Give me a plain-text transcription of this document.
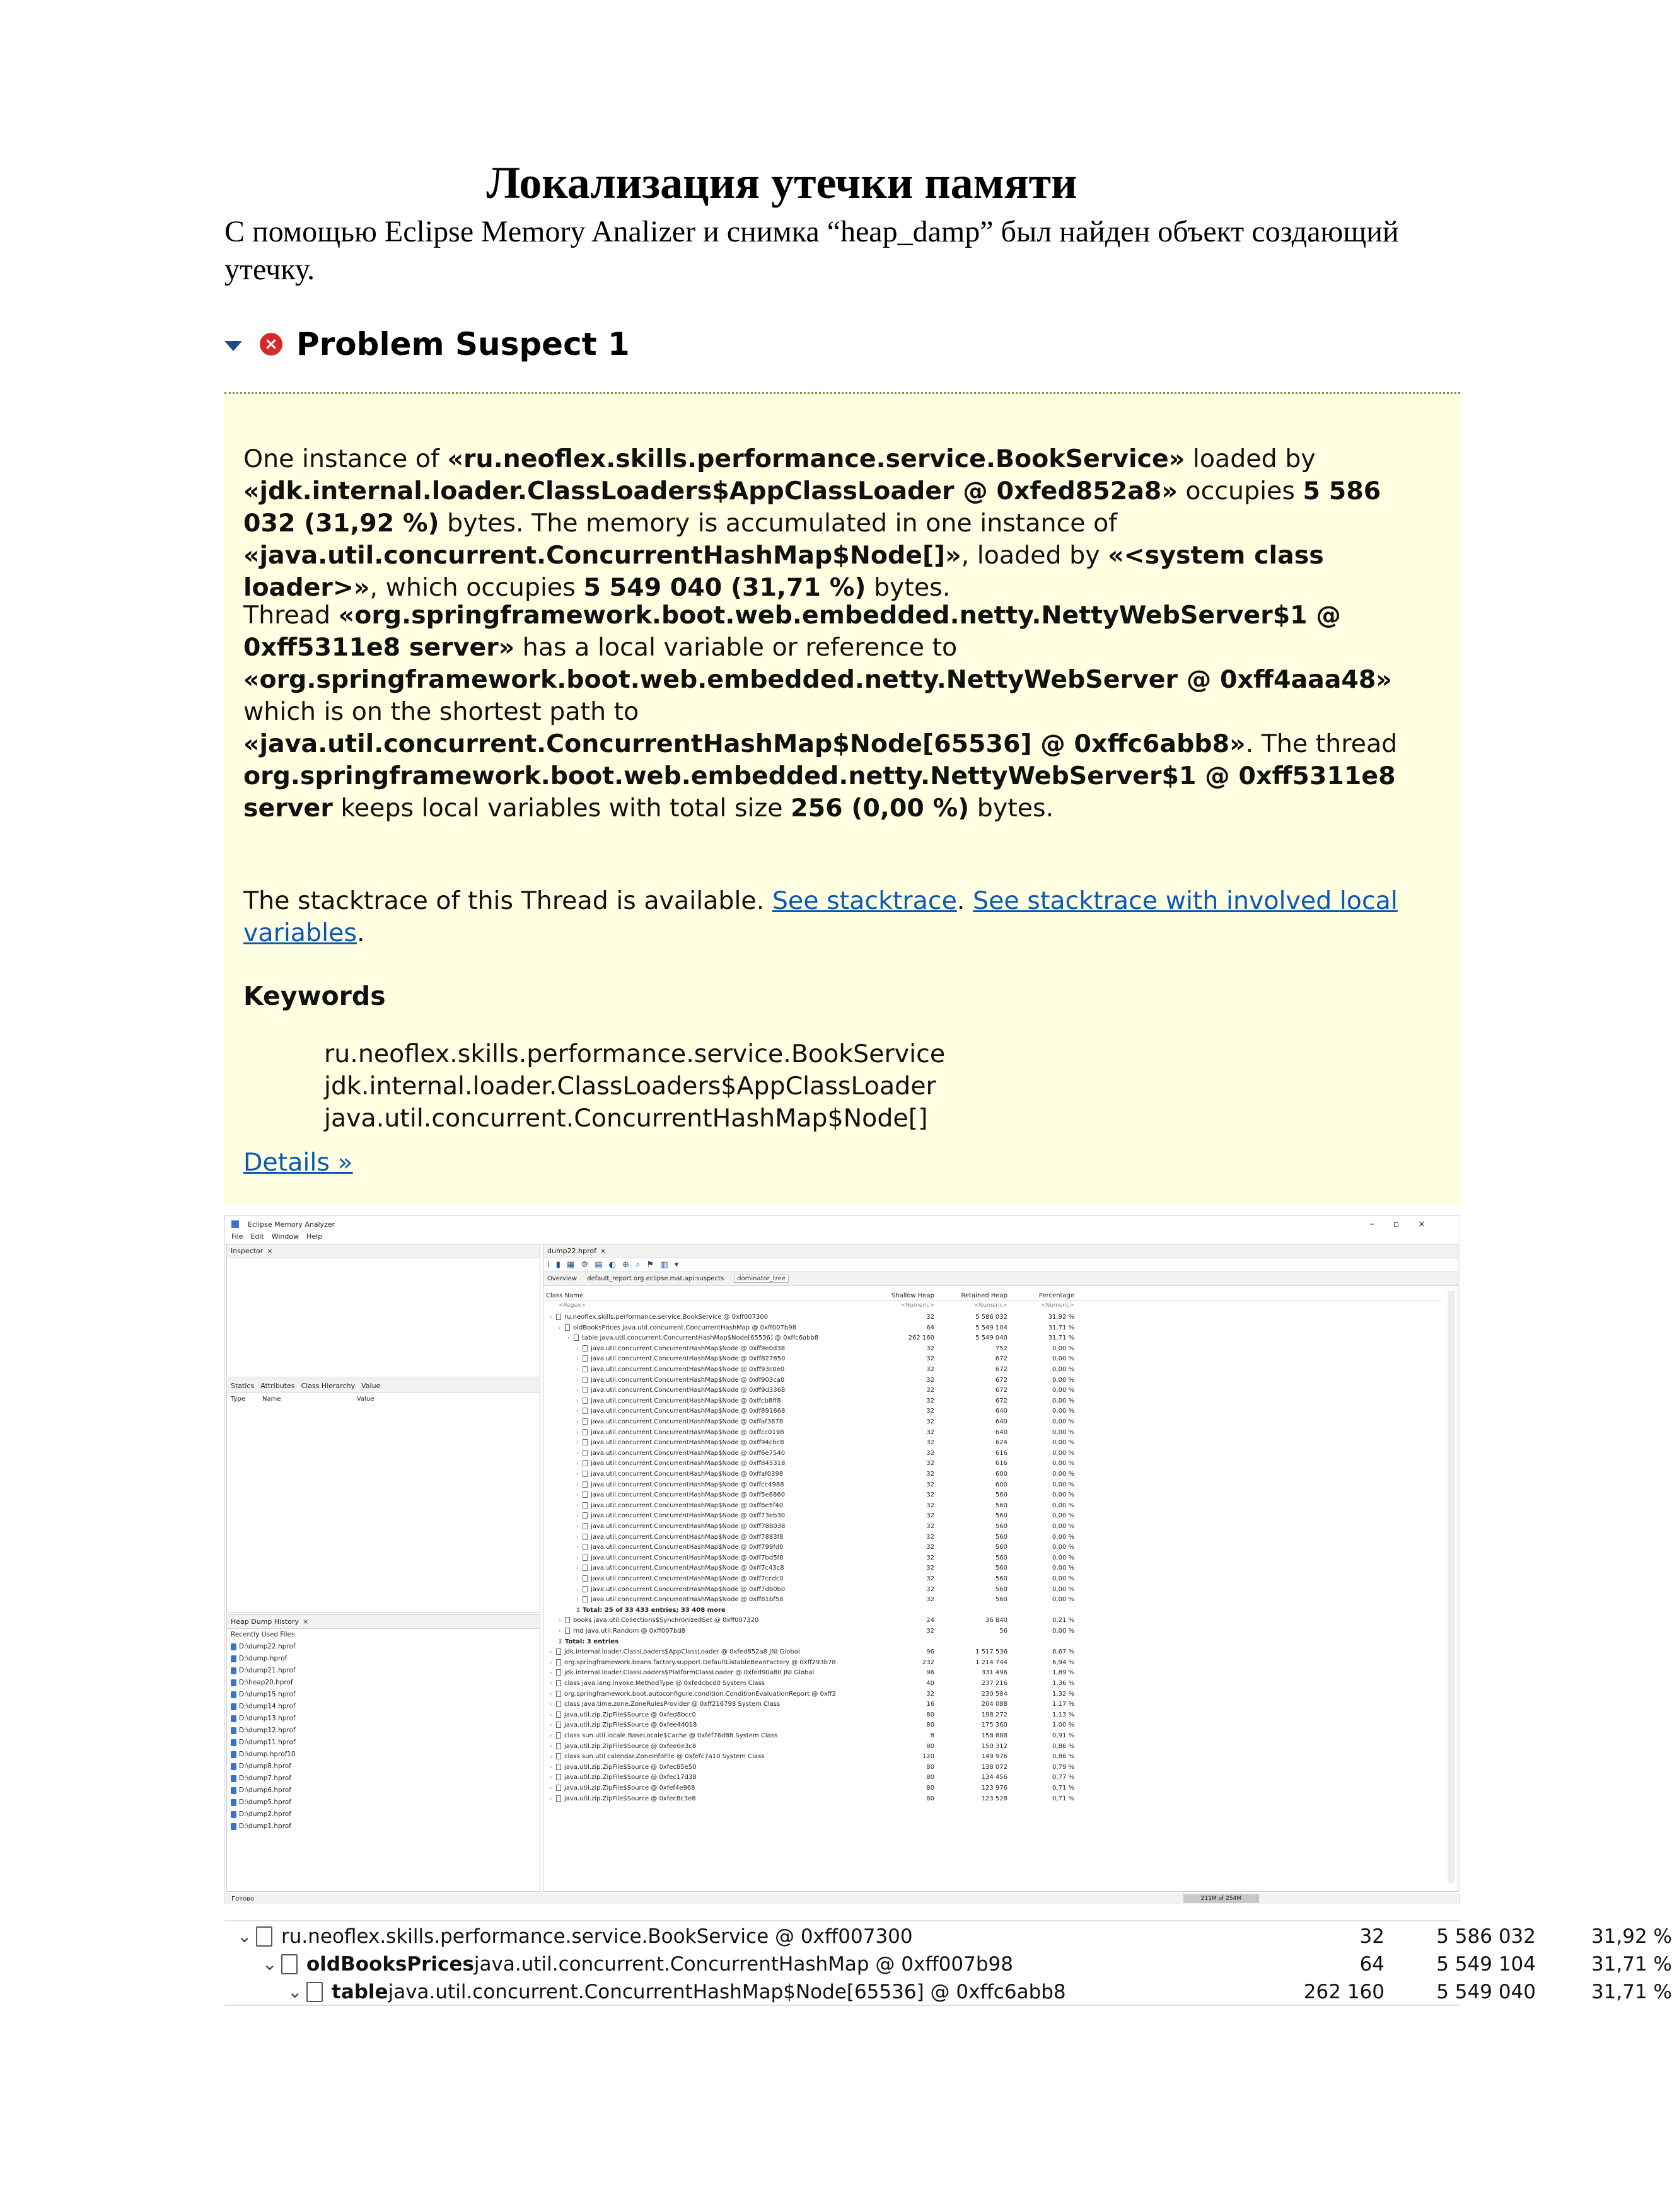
Локализация утечки памяти
С помощью Eclipse Memory Analizer и снимка “heap_damp” был найден объект создающий утечку.
× Problem Suspect 1
One instance of «ru.neoflex.skills.performance.service.BookService» loaded by «jdk.internal.loader.ClassLoaders$AppClassLoader @ 0xfed852a8» occupies 5 586 032 (31,92 %) bytes. The memory is accumulated in one instance of «java.util.concurrent.ConcurrentHashMap$Node[]», loaded by «<system class loader>», which occupies 5 549 040 (31,71 %) bytes.
Thread «org.springframework.boot.web.embedded.netty.NettyWebServer$1 @ 0xff5311e8 server» has a local variable or reference to «org.springframework.boot.web.embedded.netty.NettyWebServer @ 0xff4aaa48» which is on the shortest path to «java.util.concurrent.ConcurrentHashMap$Node[65536] @ 0xffc6abb8». The thread org.springframework.boot.web.embedded.netty.NettyWebServer$1 @ 0xff5311e8 server keeps local variables with total size 256 (0,00 %) bytes.
The stacktrace of this Thread is available. See stacktrace. See stacktrace with involved local variables.
Keywords
ru.neoflex.skills.performance.service.BookService
jdk.internal.loader.ClassLoaders$AppClassLoader
java.util.concurrent.ConcurrentHashMap$Node[]
Details »
Eclipse Memory Analyzer	–▫×
File Edit Window Help
Inspector ×
Statics Attributes Class Hierarchy Value
Type	Name	Value
Heap Dump History ×
Recently Used Files
D:\dump22.hprof
D:\dump.hprof
D:\dump21.hprof
D:\heap20.hprof
D:\dump15.hprof
D:\dump14.hprof
D:\dump13.hprof
D:\dump12.hprof
D:\dump11.hprof
D:\dump.hprof10
D:\dump8.hprof
D:\dump7.hprof
D:\dump6.hprof
D:\dump5.hprof
D:\dump2.hprof
D:\dump1.hprof
dump22.hprof ×
ⅰ ▮ ▦ ⚙ ▤ ◐ ⊕ ⌕ ⚑ ▥ ▾
Overview default_report org.eclipse.mat.api:suspects	dominator_tree
Class Name	Shallow Heap	Retained Heap	Percentage
<Regex>	<Numeric>	<Numeric>	<Numeric>
› ru.neoflex.skills.performance.service.BookService @ 0xff007300	32	5 586 032	31,92 %
› oldBooksPrices java.util.concurrent.ConcurrentHashMap @ 0xff007b98	64	5 549 104	31,71 %
› table java.util.concurrent.ConcurrentHashMap$Node[65536] @ 0xffc6abb8	262 160	5 549 040	31,71 %
› java.util.concurrent.ConcurrentHashMap$Node @ 0xff9e0d38	32	752	0,00 %
› java.util.concurrent.ConcurrentHashMap$Node @ 0xff827850	32	672	0,00 %
› java.util.concurrent.ConcurrentHashMap$Node @ 0xff93c0e0	32	672	0,00 %
› java.util.concurrent.ConcurrentHashMap$Node @ 0xff903ca0	32	672	0,00 %
› java.util.concurrent.ConcurrentHashMap$Node @ 0xff9d3368	32	672	0,00 %
› java.util.concurrent.ConcurrentHashMap$Node @ 0xffcb8ff8	32	672	0,00 %
› java.util.concurrent.ConcurrentHashMap$Node @ 0xff891668	32	640	0,00 %
› java.util.concurrent.ConcurrentHashMap$Node @ 0xffaf3878	32	640	0,00 %
› java.util.concurrent.ConcurrentHashMap$Node @ 0xffcc0198	32	640	0,00 %
› java.util.concurrent.ConcurrentHashMap$Node @ 0xff94cbc8	32	624	0,00 %
› java.util.concurrent.ConcurrentHashMap$Node @ 0xff6e7540	32	616	0,00 %
› java.util.concurrent.ConcurrentHashMap$Node @ 0xff845318	32	616	0,00 %
› java.util.concurrent.ConcurrentHashMap$Node @ 0xffaf0398	32	600	0,00 %
› java.util.concurrent.ConcurrentHashMap$Node @ 0xffcc4988	32	600	0,00 %
› java.util.concurrent.ConcurrentHashMap$Node @ 0xff5e8860	32	560	0,00 %
› java.util.concurrent.ConcurrentHashMap$Node @ 0xff6e5f40	32	560	0,00 %
› java.util.concurrent.ConcurrentHashMap$Node @ 0xff73eb30	32	560	0,00 %
› java.util.concurrent.ConcurrentHashMap$Node @ 0xff788038	32	560	0,00 %
› java.util.concurrent.ConcurrentHashMap$Node @ 0xff7883f8	32	560	0,00 %
› java.util.concurrent.ConcurrentHashMap$Node @ 0xff799fd0	32	560	0,00 %
› java.util.concurrent.ConcurrentHashMap$Node @ 0xff7bd5f8	32	560	0,00 %
› java.util.concurrent.ConcurrentHashMap$Node @ 0xff7c43c8	32	560	0,00 %
› java.util.concurrent.ConcurrentHashMap$Node @ 0xff7ccdc0	32	560	0,00 %
› java.util.concurrent.ConcurrentHashMap$Node @ 0xff7db0b0	32	560	0,00 %
› java.util.concurrent.ConcurrentHashMap$Node @ 0xff81bf58	32	560	0,00 %
Σ Total: 25 of 33 433 entries; 33 408 more
› books java.util.Collections$SynchronizedSet @ 0xff007320	24	36 840	0,21 %
› rnd java.util.Random @ 0xff007bd8	32	56	0,00 %
Σ Total: 3 entries
› jdk.internal.loader.ClassLoaders$AppClassLoader @ 0xfed852a8 JNI Global	96	1 517 536	8,67 %
› org.springframework.beans.factory.support.DefaultListableBeanFactory @ 0xff293b78	232	1 214 744	6,94 %
› jdk.internal.loader.ClassLoaders$PlatformClassLoader @ 0xfed90a80 JNI Global	96	331 496	1,89 %
› class java.lang.invoke.MethodType @ 0xfedcbcd0 System Class	40	237 216	1,36 %
› org.springframework.boot.autoconfigure.condition.ConditionEvaluationReport @ 0xff2	32	230 584	1,32 %
› class java.time.zone.ZoneRulesProvider @ 0xff216798 System Class	16	204 088	1,17 %
› java.util.zip.ZipFile$Source @ 0xfed8bcc0	80	198 272	1,13 %
› java.util.zip.ZipFile$Source @ 0xfee44018	80	175 360	1,00 %
› class sun.util.locale.BaseLocale$Cache @ 0xfef76d88 System Class	8	158 888	0,91 %
› java.util.zip.ZipFile$Source @ 0xfee0e3c8	80	150 312	0,86 %
› class sun.util.calendar.ZoneInfoFile @ 0xfefc7a10 System Class	120	149 976	0,86 %
› java.util.zip.ZipFile$Source @ 0xfec85e50	80	138 072	0,79 %
› java.util.zip.ZipFile$Source @ 0xfec17d38	80	134 456	0,77 %
› java.util.zip.ZipFile$Source @ 0xfef4e968	80	123 976	0,71 %
› java.util.zip.ZipFile$Source @ 0xfec8c3e8	80	123 528	0,71 %
Готово	211M of 254M
⌄ ru.neoflex.skills.performance.service.BookService @ 0xff007300	32	5 586 032	31,92 %
⌄ oldBooksPrices java.util.concurrent.ConcurrentHashMap @ 0xff007b98	64	5 549 104	31,71 %
⌄ table java.util.concurrent.ConcurrentHashMap$Node[65536] @ 0xffc6abb8	262 160	5 549 040	31,71 %
